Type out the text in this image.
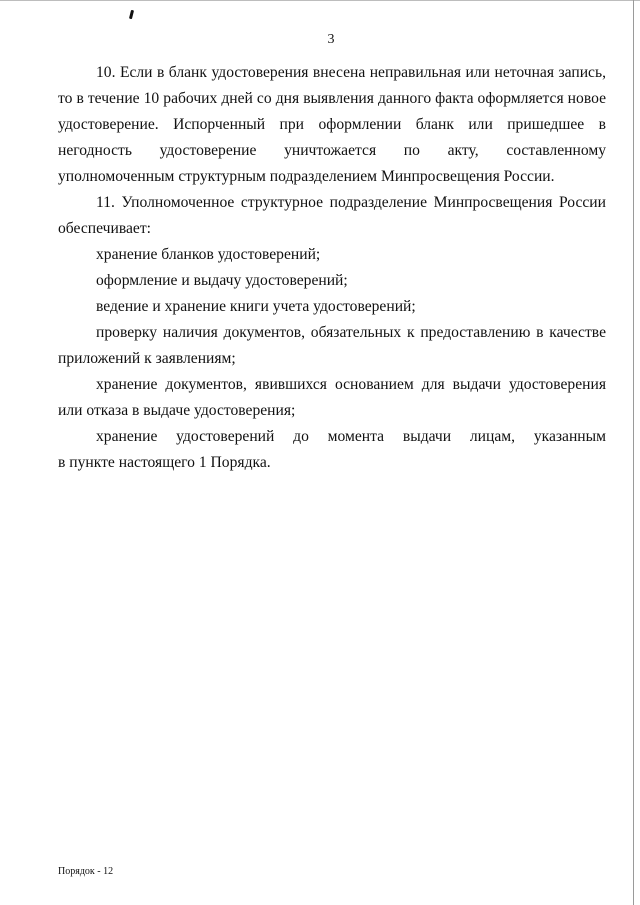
3

10. Если в бланк удостоверения внесена неправильная или неточная запись, то в течение 10 рабочих дней со дня выявления данного факта оформляется новое удостоверение. Испорченный при оформлении бланк или пришедшее в негодность удостоверение уничтожается по акту, составленному уполномоченным структурным подразделением Минпросвещения России.

11. Уполномоченное структурное подразделение Минпросвещения России обеспечивает:

хранение бланков удостоверений;

оформление и выдачу удостоверений;

ведение и хранение книги учета удостоверений;

проверку наличия документов, обязательных к предоставлению в качестве приложений к заявлениям;

хранение документов, явившихся основанием для выдачи удостоверения или отказа в выдаче удостоверения;

хранение удостоверений до момента выдачи лицам, указанным

в пункте настоящего 1 Порядка.

Порядок - 12
